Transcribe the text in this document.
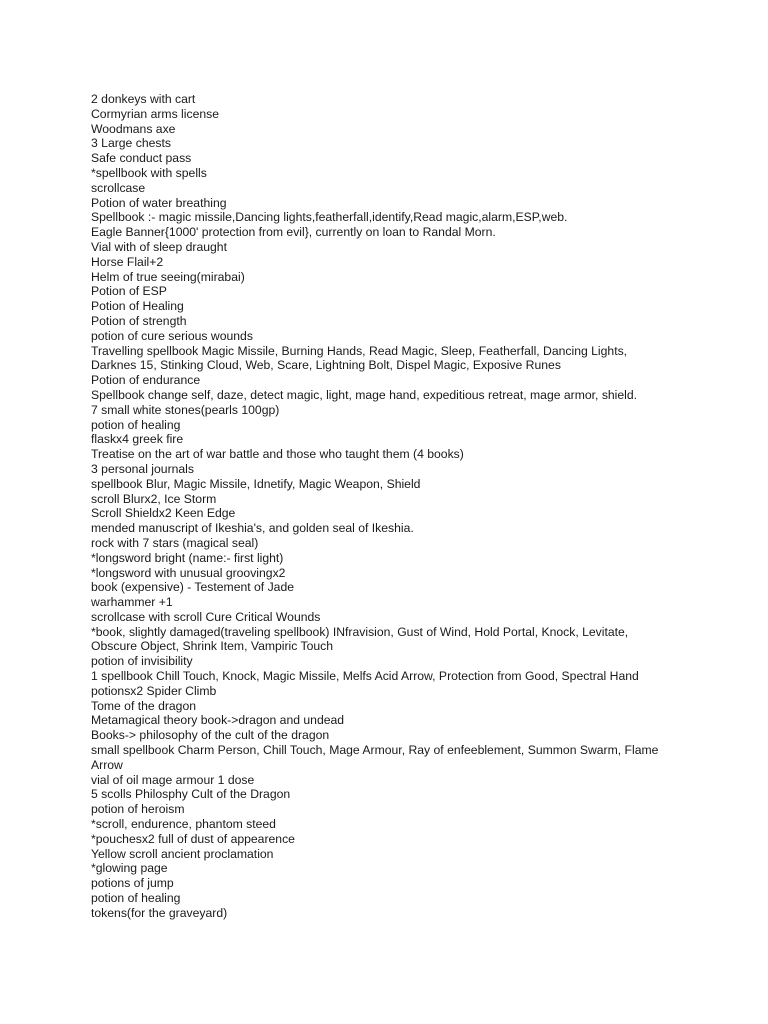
2 donkeys with cart
Cormyrian arms license
Woodmans axe
3 Large chests
Safe conduct pass
*spellbook with spells
scrollcase
Potion of water breathing
Spellbook :- magic missile,Dancing lights,featherfall,identify,Read magic,alarm,ESP,web.
Eagle Banner{1000' protection from evil}, currently on loan to Randal Morn.
Vial with of sleep draught
Horse Flail+2
Helm of true seeing(mirabai)
Potion of ESP
Potion of Healing
Potion of strength
potion of cure serious wounds
Travelling spellbook Magic Missile, Burning Hands, Read Magic, Sleep, Featherfall, Dancing Lights,
Darknes 15, Stinking Cloud, Web, Scare, Lightning Bolt, Dispel Magic, Exposive Runes
Potion of endurance
Spellbook change self, daze, detect magic, light, mage hand, expeditious retreat, mage armor, shield.
7 small white stones(pearls 100gp)
potion of healing
flaskx4 greek fire
Treatise on the art of war battle and those who taught them (4 books)
3 personal journals
spellbook Blur, Magic Missile, Idnetify, Magic Weapon, Shield
scroll Blurx2, Ice Storm
Scroll Shieldx2 Keen Edge
mended manuscript of Ikeshia's, and golden seal of Ikeshia.
rock with 7 stars (magical seal)
*longsword bright (name:- first light)
*longsword with unusual groovingx2
book (expensive) - Testement of Jade
warhammer +1
scrollcase with scroll Cure Critical Wounds
*book, slightly damaged(traveling spellbook) INfravision, Gust of Wind, Hold Portal, Knock, Levitate,
Obscure Object, Shrink Item, Vampiric Touch
potion of invisibility
1 spellbook Chill Touch, Knock, Magic Missile, Melfs Acid Arrow, Protection from Good, Spectral Hand
potionsx2 Spider Climb
Tome of the dragon
Metamagical theory book->dragon and undead
Books-> philosophy of the cult of the dragon
small spellbook Charm Person, Chill Touch, Mage Armour, Ray of enfeeblement, Summon Swarm, Flame
Arrow
vial of oil mage armour 1 dose
5 scolls Philosphy Cult of the Dragon
potion of heroism
*scroll, endurence, phantom steed
*pouchesx2 full of dust of appearence
Yellow scroll ancient proclamation
*glowing page
potions of jump
potion of healing
tokens(for the graveyard)
